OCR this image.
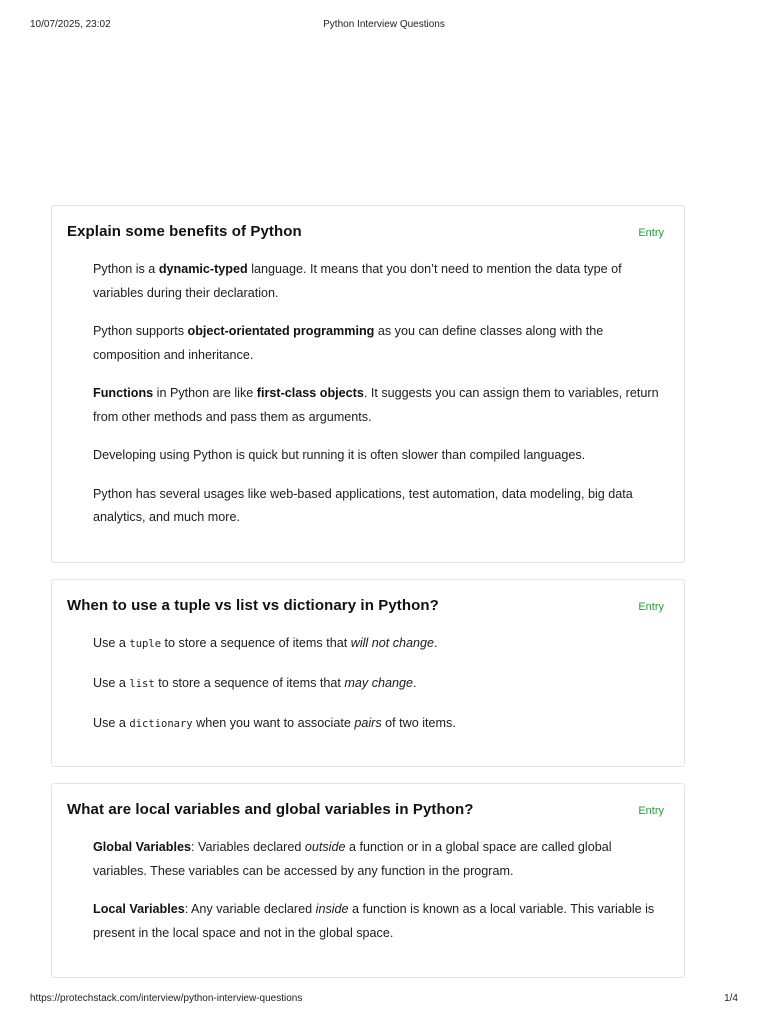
10/07/2025, 23:02	Python Interview Questions
Explain some benefits of Python	Entry

Python is a dynamic-typed language. It means that you don’t need to mention the data type of variables during their declaration.

Python supports object-orientated programming as you can define classes along with the composition and inheritance.

Functions in Python are like first-class objects. It suggests you can assign them to variables, return from other methods and pass them as arguments.

Developing using Python is quick but running it is often slower than compiled languages.

Python has several usages like web-based applications, test automation, data modeling, big data analytics, and much more.

When to use a tuple vs list vs dictionary in Python?	Entry

Use a tuple to store a sequence of items that will not change.

Use a list to store a sequence of items that may change.

Use a dictionary when you want to associate pairs of two items.

What are local variables and global variables in Python?	Entry

Global Variables: Variables declared outside a function or in a global space are called global variables. These variables can be accessed by any function in the program.

Local Variables: Any variable declared inside a function is known as a local variable. This variable is present in the local space and not in the global space.

https://protechstack.com/interview/python-interview-questions	1/4
